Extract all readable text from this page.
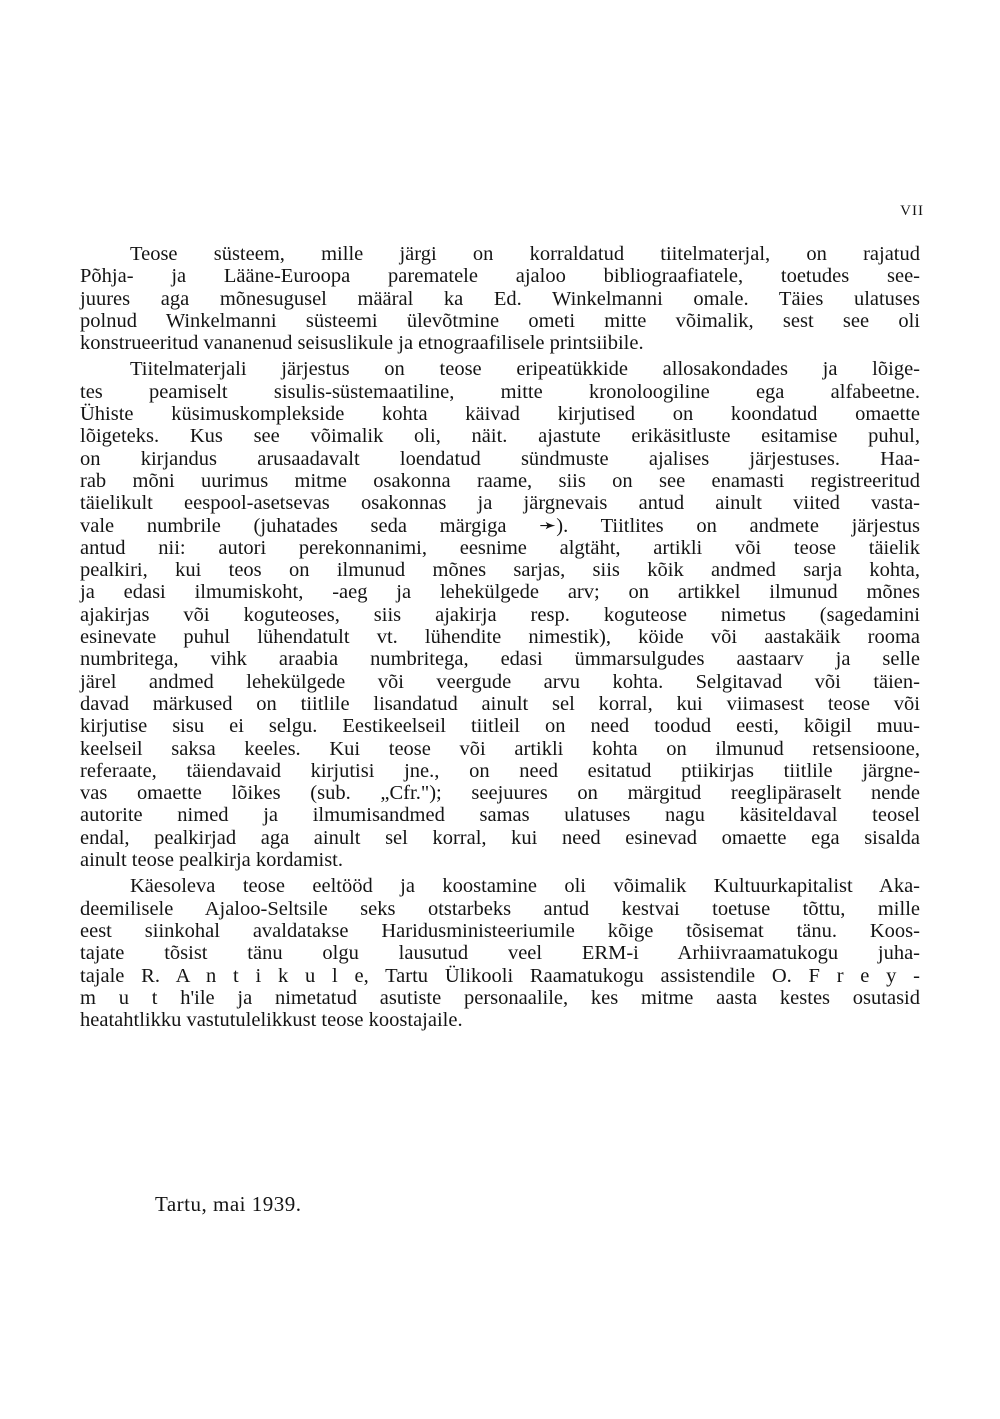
VII
Teose süsteem, mille järgi on korraldatud tiitelmaterjal, on rajatud
Põhja- ja Lääne-Euroopa parematele ajaloo bibliograafiatele, toetudes see-
juures aga mõnesugusel määral ka Ed. Winkelmanni omale. Täies ulatuses
polnud Winkelmanni süsteemi ülevõtmine ometi mitte võimalik, sest see oli
konstrueeritud vananenud seisuslikule ja etnograafilisele printsiibile.
Tiitelmaterjali järjestus on teose eripeatükkide allosakondades ja lõige-
tes peamiselt sisulis-süstemaatiline, mitte kronoloogiline ega alfabeetne.
Ühiste küsimuskomplekside kohta käivad kirjutised on koondatud omaette
lõigeteks. Kus see võimalik oli, näit. ajastute erikäsitluste esitamise puhul,
on kirjandus arusaadavalt loendatud sündmuste ajalises järjestuses. Haa-
rab mõni uurimus mitme osakonna raame, siis on see enamasti registreeritud
täielikult eespool-asetsevas osakonnas ja järgnevais antud ainult viited vasta-
vale numbrile (juhatades seda märgiga ➛). Tiitlites on andmete järjestus
antud nii: autori perekonnanimi, eesnime algtäht, artikli või teose täielik
pealkiri, kui teos on ilmunud mõnes sarjas, siis kõik andmed sarja kohta,
ja edasi ilmumiskoht, -aeg ja lehekülgede arv; on artikkel ilmunud mõnes
ajakirjas või koguteoses, siis ajakirja resp. koguteose nimetus (sagedamini
esinevate puhul lühendatult vt. lühendite nimestik), köide või aastakäik rooma
numbritega, vihk araabia numbritega, edasi ümmarsulgudes aastaarv ja selle
järel andmed lehekülgede või veergude arvu kohta. Selgitavad või täien-
davad märkused on tiitlile lisandatud ainult sel korral, kui viimasest teose või
kirjutise sisu ei selgu. Eestikeelseil tiitleil on need toodud eesti, kõigil muu-
keelseil saksa keeles. Kui teose või artikli kohta on ilmunud retsensioone,
referaate, täiendavaid kirjutisi jne., on need esitatud ptiikirjas tiitlile järgne-
vas omaette lõikes (sub. „Cfr."); seejuures on märgitud reeglipäraselt nende
autorite nimed ja ilmumisandmed samas ulatuses nagu käsiteldaval teosel
endal, pealkirjad aga ainult sel korral, kui need esinevad omaette ega sisalda
ainult teose pealkirja kordamist.
Käesoleva teose eeltööd ja koostamine oli võimalik Kultuurkapitalist Aka-
deemilisele Ajaloo-Seltsile seks otstarbeks antud kestvai toetuse tõttu, mille
eest siinkohal avaldatakse Haridusministeeriumile kõige tõsisemat tänu. Koos-
tajate tõsist tänu olgu lausutud veel ERM-i Arhiivraamatukogu juha-
tajale R. A n t i k u l e, Tartu Ülikooli Raamatukogu assistendile O. F r e y -
m u t h'ile ja nimetatud asutiste personaalile, kes mitme aasta kestes osutasid
heatahtlikku vastutulelikkust teose koostajaile.
Tartu, mai 1939.
